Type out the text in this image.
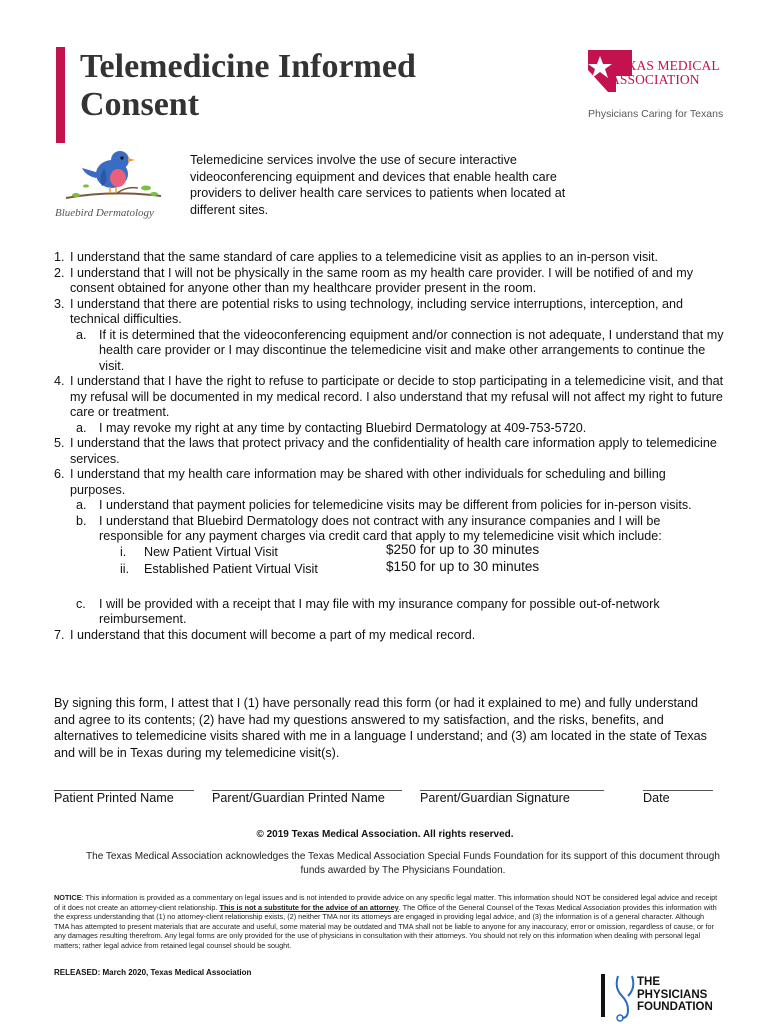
Telemedicine Informed
Consent
TEXAS MEDICAL
ASSOCIATION
Physicians Caring for Texans
Bluebird Dermatology

Telemedicine services involve the use of secure interactive videoconferencing equipment and devices that enable health care providers to deliver health care services to patients when located at different sites.

1. I understand that the same standard of care applies to a telemedicine visit as applies to an in-person visit.
2. I understand that I will not be physically in the same room as my health care provider. I will be notified of and my consent obtained for anyone other than my healthcare provider present in the room.
3. I understand that there are potential risks to using technology, including service interruptions, interception, and technical difficulties.
a. If it is determined that the videoconferencing equipment and/or connection is not adequate, I understand that my health care provider or I may discontinue the telemedicine visit and make other arrangements to continue the visit.
4. I understand that I have the right to refuse to participate or decide to stop participating in a telemedicine visit, and that my refusal will be documented in my medical record. I also understand that my refusal will not affect my right to future care or treatment.
a. I may revoke my right at any time by contacting Bluebird Dermatology at 409-753-5720.
5. I understand that the laws that protect privacy and the confidentiality of health care information apply to telemedicine services.
6. I understand that my health care information may be shared with other individuals for scheduling and billing purposes.
a. I understand that payment policies for telemedicine visits may be different from policies for in-person visits.
b. I understand that Bluebird Dermatology does not contract with any insurance companies and I will be responsible for any payment charges via credit card that apply to my telemedicine visit which include:
i. New Patient Virtual Visit	$250 for up to 30 minutes
ii. Established Patient Virtual Visit	$150 for up to 30 minutes
c. I will be provided with a receipt that I may file with my insurance company for possible out-of-network reimbursement.
7. I understand that this document will become a part of my medical record.

By signing this form, I attest that I (1) have personally read this form (or had it explained to me) and fully understand and agree to its contents; (2) have had my questions answered to my satisfaction, and the risks, benefits, and alternatives to telemedicine visits shared with me in a language I understand; and (3) am located in the state of Texas and will be in Texas during my telemedicine visit(s).

Patient Printed Name	Parent/Guardian Printed Name	Parent/Guardian Signature	Date
© 2019 Texas Medical Association. All rights reserved.

The Texas Medical Association acknowledges the Texas Medical Association Special Funds Foundation for its support of this document through funds awarded by The Physicians Foundation.

NOTICE: This information is provided as a commentary on legal issues and is not intended to provide advice on any specific legal matter. This information should NOT be considered legal advice and receipt of it does not create an attorney-client relationship. This is not a substitute for the advice of an attorney. The Office of the General Counsel of the Texas Medical Association provides this information with the express understanding that (1) no attorney-client relationship exists, (2) neither TMA nor its attorneys are engaged in providing legal advice, and (3) the information is of a general character. Although TMA has attempted to present materials that are accurate and useful, some material may be outdated and TMA shall not be liable to anyone for any inaccuracy, error or omission, regardless of cause, or for any damages resulting therefrom. Any legal forms are only provided for the use of physicians in consultation with their attorneys. You should not rely on this information when dealing with personal legal matters; rather legal advice from retained legal counsel should be sought.

RELEASED: March 2020, Texas Medical Association
THE
PHYSICIANS
FOUNDATION
